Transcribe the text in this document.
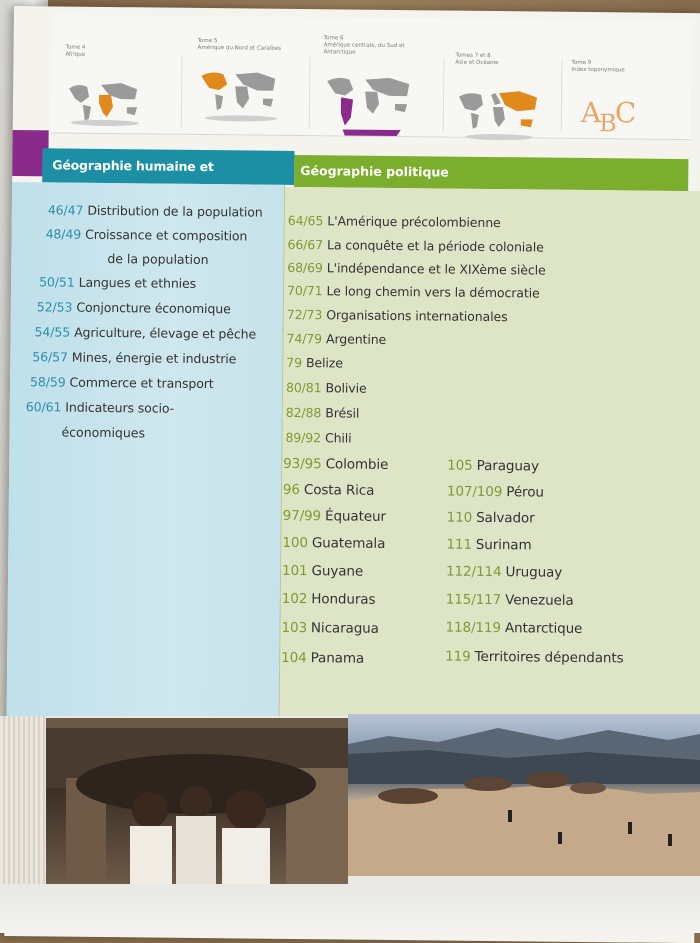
Tome 4
Afrique
Tome 5
Amérique du Nord et Caraïbes
Tome 6
Amérique centrale, du Sud et Antarctique
Tomes 7 et 8
Asie et Océanie	Tome 9
Index toponymique
ABC
Géographie humaine et	Géographie politique
46/47 Distribution de la population
48/49 Croissance et composition
de la population
50/51 Langues et ethnies
52/53 Conjoncture économique
54/55 Agriculture, élevage et pêche
56/57 Mines, énergie et industrie
58/59 Commerce et transport
60/61 Indicateurs socio-
économiques
64/65 L'Amérique précolombienne
66/67 La conquête et la période coloniale
68/69 L'indépendance et le XIXème siècle
70/71 Le long chemin vers la démocratie
72/73 Organisations internationales
74/79 Argentine
79 Belize
80/81 Bolivie
82/88 Brésil
89/92 Chili
93/95 Colombie
96 Costa Rica
97/99 Équateur
100 Guatemala
101 Guyane
102 Honduras
103 Nicaragua
104 Panama
105 Paraguay
107/109 Pérou
110 Salvador
111 Surinam
112/114 Uruguay
115/117 Venezuela
118/119 Antarctique
119 Territoires dépendants
